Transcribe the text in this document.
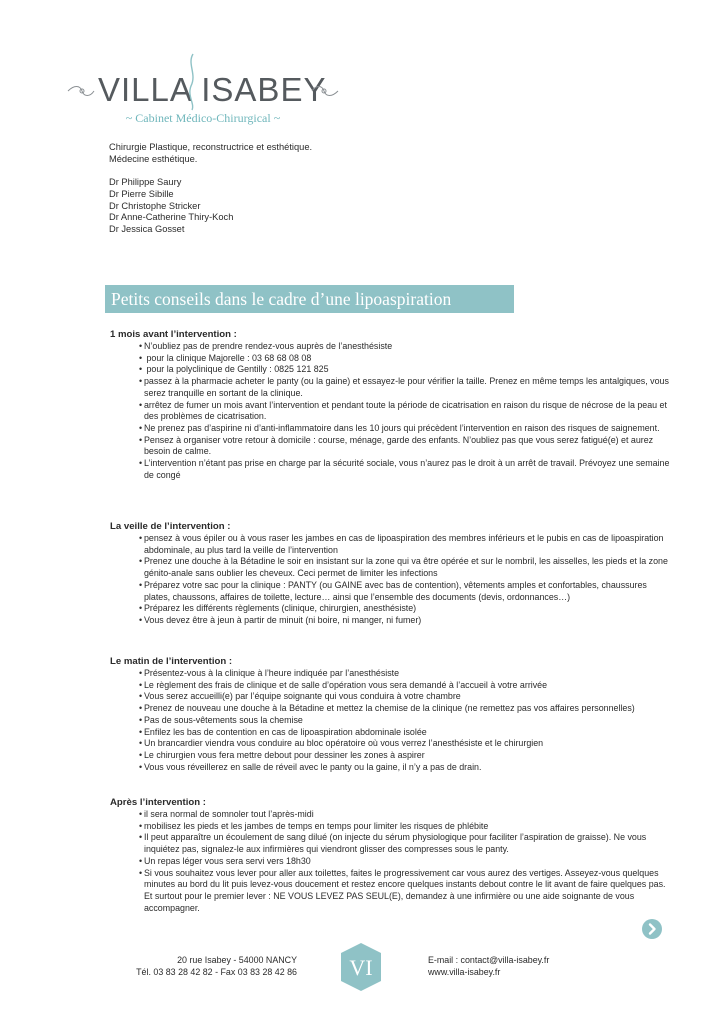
VILLA ISABEY
~ Cabinet Médico-Chirurgical ~

Chirurgie Plastique, reconstructrice et esthétique.

Médecine esthétique.

Dr Philippe Saury

Dr Pierre Sibille

Dr Christophe Stricker

Dr Anne-Catherine Thiry-Koch

Dr Jessica Gosset

Petits conseils dans le cadre d’une lipoaspiration

1 mois avant l’intervention :

• N’oubliez pas de prendre rendez-vous auprès de l’anesthésiste
• pour la clinique Majorelle : 03 68 68 08 08
• pour la polyclinique de Gentilly : 0825 121 825
• passez à la pharmacie acheter le panty (ou la gaine) et essayez-le pour vérifier la taille. Prenez en même temps les antalgiques, vous serez tranquille en sortant de la clinique.
• arrêtez de fumer un mois avant l’intervention et pendant toute la période de cicatrisation en raison du risque de nécrose de la peau et des problèmes de cicatrisation.
• Ne prenez pas d’aspirine ni d’anti-inflammatoire dans les 10 jours qui précèdent l’intervention en raison des risques de saignement.
• Pensez à organiser votre retour à domicile : course, ménage, garde des enfants. N’oubliez pas que vous serez fatigué(e) et aurez besoin de calme.
• L’intervention n’étant pas prise en charge par la sécurité sociale, vous n’aurez pas le droit à un arrêt de travail. Prévoyez une semaine de congé

La veille de l’intervention :

• pensez à vous épiler ou à vous raser les jambes en cas de lipoaspiration des membres inférieurs et le pubis en cas de lipoaspiration abdominale, au plus tard la veille de l’intervention
• Prenez une douche à la Bétadine le soir en insistant sur la zone qui va être opérée et sur le nombril, les aisselles, les pieds et la zone génito-anale sans oublier les cheveux. Ceci permet de limiter les infections
• Préparez votre sac pour la clinique : PANTY (ou GAINE avec bas de contention), vêtements amples et confortables, chaussures plates, chaussons, affaires de toilette, lecture… ainsi que l’ensemble des documents (devis, ordonnances…)
• Préparez les différents règlements (clinique, chirurgien, anesthésiste)
• Vous devez être à jeun à partir de minuit (ni boire, ni manger, ni fumer)

Le matin de l’intervention :

• Présentez-vous à la clinique à l’heure indiquée par l’anesthésiste
• Le règlement des frais de clinique et de salle d’opération vous sera demandé à l’accueil à votre arrivée
• Vous serez accueilli(e) par l’équipe soignante qui vous conduira à votre chambre
• Prenez de nouveau une douche à la Bétadine et mettez la chemise de la clinique (ne remettez pas vos affaires personnelles)
• Pas de sous-vêtements sous la chemise
• Enfilez les bas de contention en cas de lipoaspiration abdominale isolée
• Un brancardier viendra vous conduire au bloc opératoire où vous verrez l’anesthésiste et le chirurgien
• Le chirurgien vous fera mettre debout pour dessiner les zones à aspirer
• Vous vous réveillerez en salle de réveil avec le panty ou la gaine, il n’y a pas de drain.

Après l’intervention :

• il sera normal de somnoler tout l’après-midi
• mobilisez les pieds et les jambes de temps en temps pour limiter les risques de phlébite
• Il peut apparaître un écoulement de sang dilué (on injecte du sérum physiologique pour faciliter l’aspiration de graisse). Ne vous inquiétez pas, signalez-le aux infirmières qui viendront glisser des compresses sous le panty.
• Un repas léger vous sera servi vers 18h30
• Si vous souhaitez vous lever pour aller aux toilettes, faites le progressivement car vous aurez des vertiges. Asseyez-vous quelques minutes au bord du lit puis levez-vous doucement et restez encore quelques instants debout contre le lit avant de faire quelques pas. Et surtout pour le premier lever : NE VOUS LEVEZ PAS SEUL(E), demandez à une infirmière ou une aide soignante de vous accompagner.

20 rue Isabey - 54000 NANCY

Tél. 03 83 28 42 82 - Fax 03 83 28 42 86 VI	E-mail : contact@villa-isabey.fr

www.villa-isabey.fr
